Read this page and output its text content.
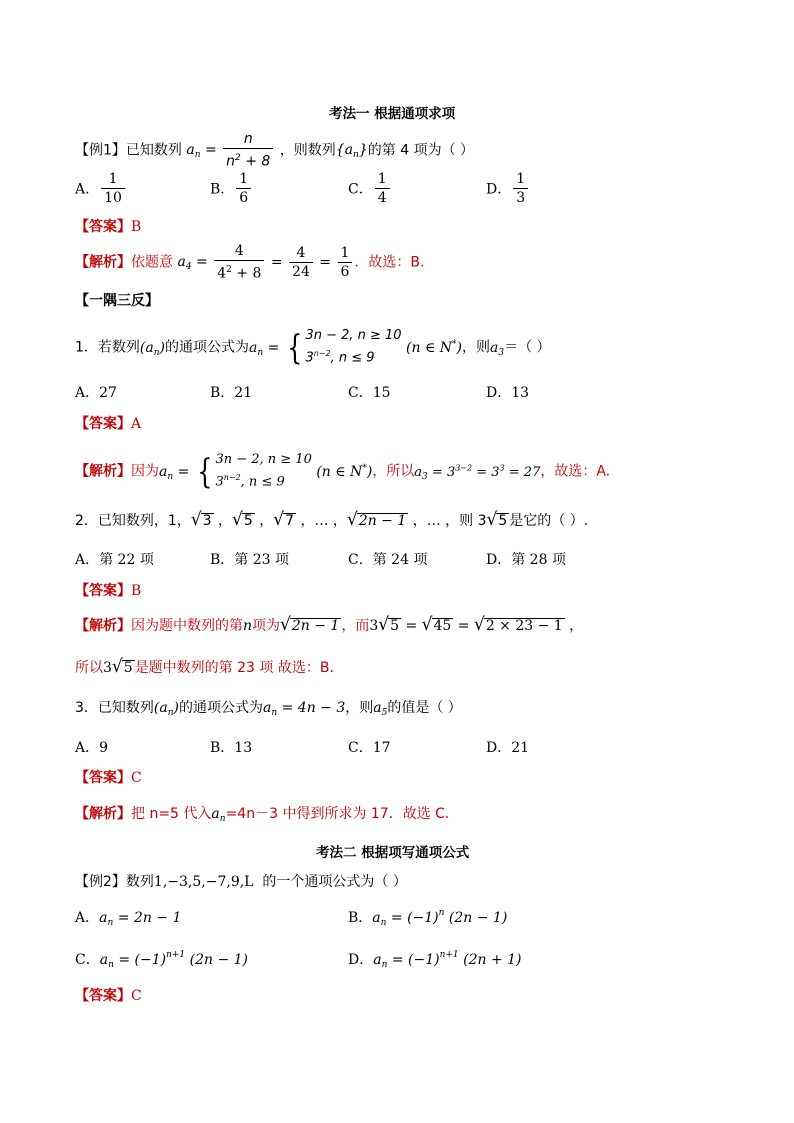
考法一 根据通项求项
【例1】已知数列 $a_n = \frac{n}{n^2 + 8}$ ，则数列$\{a_n\}$的第 4 项为（ ）
A． $\frac{1}{10}$	B． $\frac{1}{6}$	C． $\frac{1}{4}$	D． $\frac{1}{3}$
【答案】B
【解析】依题意 $a_4 = \frac{4}{4^2 + 8} = \frac{4}{24} = \frac{1}{6}$ ．故选：B.
【一隅三反】
1．若数列$(a_n)$的通项公式为$a_n$ = { 3n − 2, n ≥ 10
$3^{n-2}$, n ≤ 9
(n ∈ N*)，则$a_3=$（ ）
A．27	B．21	C．15	D．13
【答案】A
【解析】因为$a_n$ = { 3n − 2, n ≥ 10
$3^{n-2}$, n ≤ 9
(n ∈ N*)，所以$a_3 = 3^{3-2} = 3^3 = 27$，故选：A.
2．已知数列，1，√3 ，√5 ，√7 ，… ，√2n − 1 ，… ，则 3√5 是它的（ ）.
A．第 22 项	B．第 23 项	C．第 24 项	D．第 28 项
【答案】B
【解析】因为题中数列的第n项为√2n − 1 ，而3√5 = √45 = √2 × 23 − 1 ，
所以3√5 是题中数列的第 23 项 故选：B.
3．已知数列$(a_n)$的通项公式为$a_n = 4n - 3$，则$a_5$的值是（ ）
A．9	B．13	C．17	D．21
【答案】C
【解析】把 n=5 代入$a_n=4n-3$ 中得到所求为 17．故选 C．
考法二 根据项写通项公式
【例2】数列1,−3,5,−7,9,L 的一个通项公式为（ ）
A．$a_n = 2n - 1$	B．$a_n = (-1)^n$ (2n − 1)
C．$a_n = (-1)^{n+1}$ (2n − 1)	D．$a_n = (-1)^{n+1}$ (2n + 1)
【答案】C
